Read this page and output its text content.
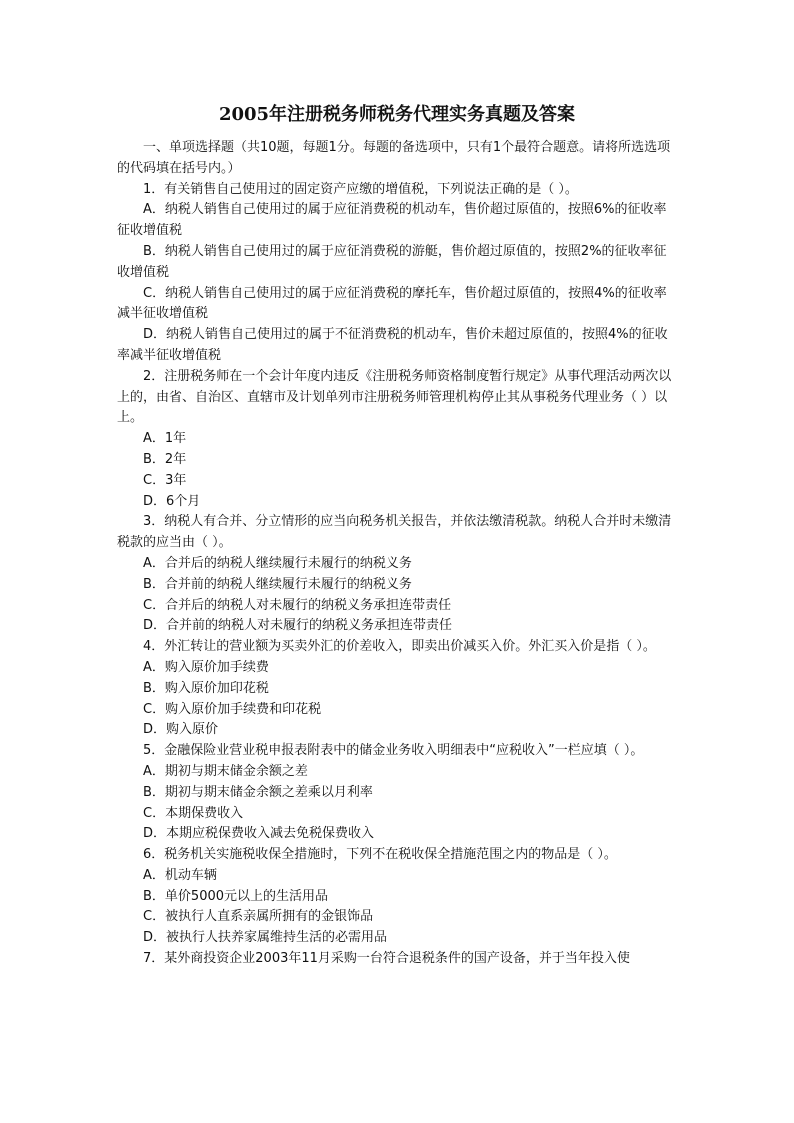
2005年注册税务师税务代理实务真题及答案

一、单项选择题（共10题，每题1分。每题的备选项中，只有1个最符合题意。请将所选选项的代码填在括号内。）

1．有关销售自己使用过的固定资产应缴的增值税，下列说法正确的是（ ）。

A．纳税人销售自己使用过的属于应征消费税的机动车，售价超过原值的，按照6%的征收率征收增值税

B．纳税人销售自己使用过的属于应征消费税的游艇，售价超过原值的，按照2%的征收率征收增值税

C．纳税人销售自己使用过的属于应征消费税的摩托车，售价超过原值的，按照4%的征收率减半征收增值税

D．纳税人销售自己使用过的属于不征消费税的机动车，售价未超过原值的，按照4%的征收率减半征收增值税

2．注册税务师在一个会计年度内违反《注册税务师资格制度暂行规定》从事代理活动两次以上的，由省、自治区、直辖市及计划单列市注册税务师管理机构停止其从事税务代理业务（ ）以上。

A．1年

B．2年

C．3年

D．6个月

3．纳税人有合并、分立情形的应当向税务机关报告，并依法缴清税款。纳税人合并时未缴清税款的应当由（ ）。

A．合并后的纳税人继续履行未履行的纳税义务

B．合并前的纳税人继续履行未履行的纳税义务

C．合并后的纳税人对未履行的纳税义务承担连带责任

D．合并前的纳税人对未履行的纳税义务承担连带责任

4．外汇转让的营业额为买卖外汇的价差收入，即卖出价减买入价。外汇买入价是指（ ）。

A．购入原价加手续费

B．购入原价加印花税

C．购入原价加手续费和印花税

D．购入原价

5．金融保险业营业税申报表附表中的储金业务收入明细表中“应税收入”一栏应填（ ）。

A．期初与期末储金余额之差

B．期初与期末储金余额之差乘以月利率

C．本期保费收入

D．本期应税保费收入减去免税保费收入

6．税务机关实施税收保全措施时，下列不在税收保全措施范围之内的物品是（ ）。

A．机动车辆

B．单价5000元以上的生活用品

C．被执行人直系亲属所拥有的金银饰品

D．被执行人扶养家属维持生活的必需用品

7．某外商投资企业2003年11月采购一台符合退税条件的国产设备，并于当年投入使
